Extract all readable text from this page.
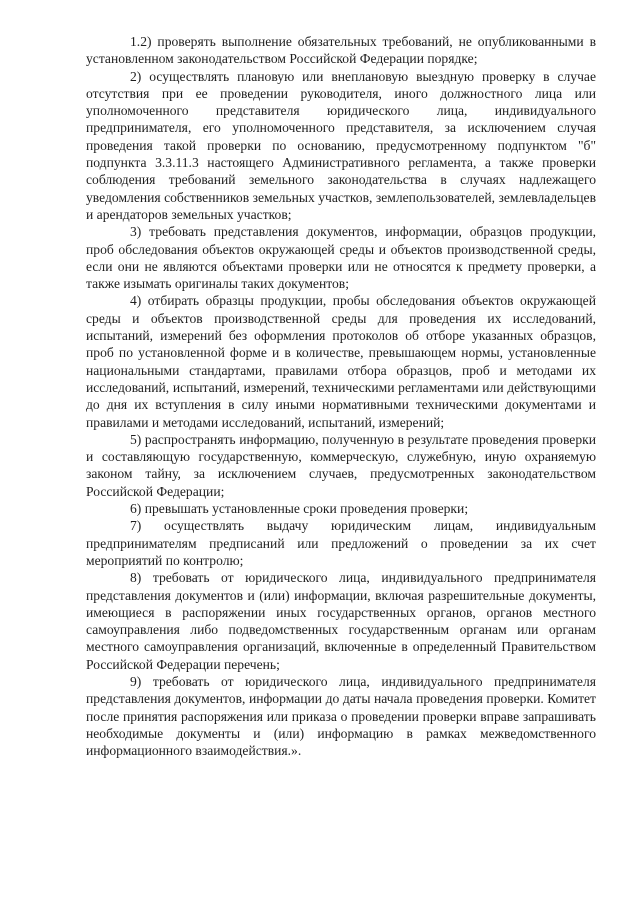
1.2) проверять выполнение обязательных требований, не опубликованными в установленном законодательством Российской Федерации порядке;

2) осуществлять плановую или внеплановую выездную проверку в случае отсутствия при ее проведении руководителя, иного должностного лица или уполномоченного представителя юридического лица, индивидуального предпринимателя, его уполномоченного представителя, за исключением случая проведения такой проверки по основанию, предусмотренному подпунктом "б" подпункта 3.3.11.3 настоящего Административного регламента, а также проверки соблюдения требований земельного законодательства в случаях надлежащего уведомления собственников земельных участков, землепользователей, землевладельцев и арендаторов земельных участков;

3) требовать представления документов, информации, образцов продукции, проб обследования объектов окружающей среды и объектов производственной среды, если они не являются объектами проверки или не относятся к предмету проверки, а также изымать оригиналы таких документов;

4) отбирать образцы продукции, пробы обследования объектов окружающей среды и объектов производственной среды для проведения их исследований, испытаний, измерений без оформления протоколов об отборе указанных образцов, проб по установленной форме и в количестве, превышающем нормы, установленные национальными стандартами, правилами отбора образцов, проб и методами их исследований, испытаний, измерений, техническими регламентами или действующими до дня их вступления в силу иными нормативными техническими документами и правилами и методами исследований, испытаний, измерений;

5) распространять информацию, полученную в результате проведения проверки и составляющую государственную, коммерческую, служебную, иную охраняемую законом тайну, за исключением случаев, предусмотренных законодательством Российской Федерации;

6) превышать установленные сроки проведения проверки;

7) осуществлять выдачу юридическим лицам, индивидуальным предпринимателям предписаний или предложений о проведении за их счет мероприятий по контролю;

8) требовать от юридического лица, индивидуального предпринимателя представления документов и (или) информации, включая разрешительные документы, имеющиеся в распоряжении иных государственных органов, органов местного самоуправления либо подведомственных государственным органам или органам местного самоуправления организаций, включенные в определенный Правительством Российской Федерации перечень;

9) требовать от юридического лица, индивидуального предпринимателя представления документов, информации до даты начала проведения проверки. Комитет после принятия распоряжения или приказа о проведении проверки вправе запрашивать необходимые документы и (или) информацию в рамках межведомственного информационного взаимодействия.».
